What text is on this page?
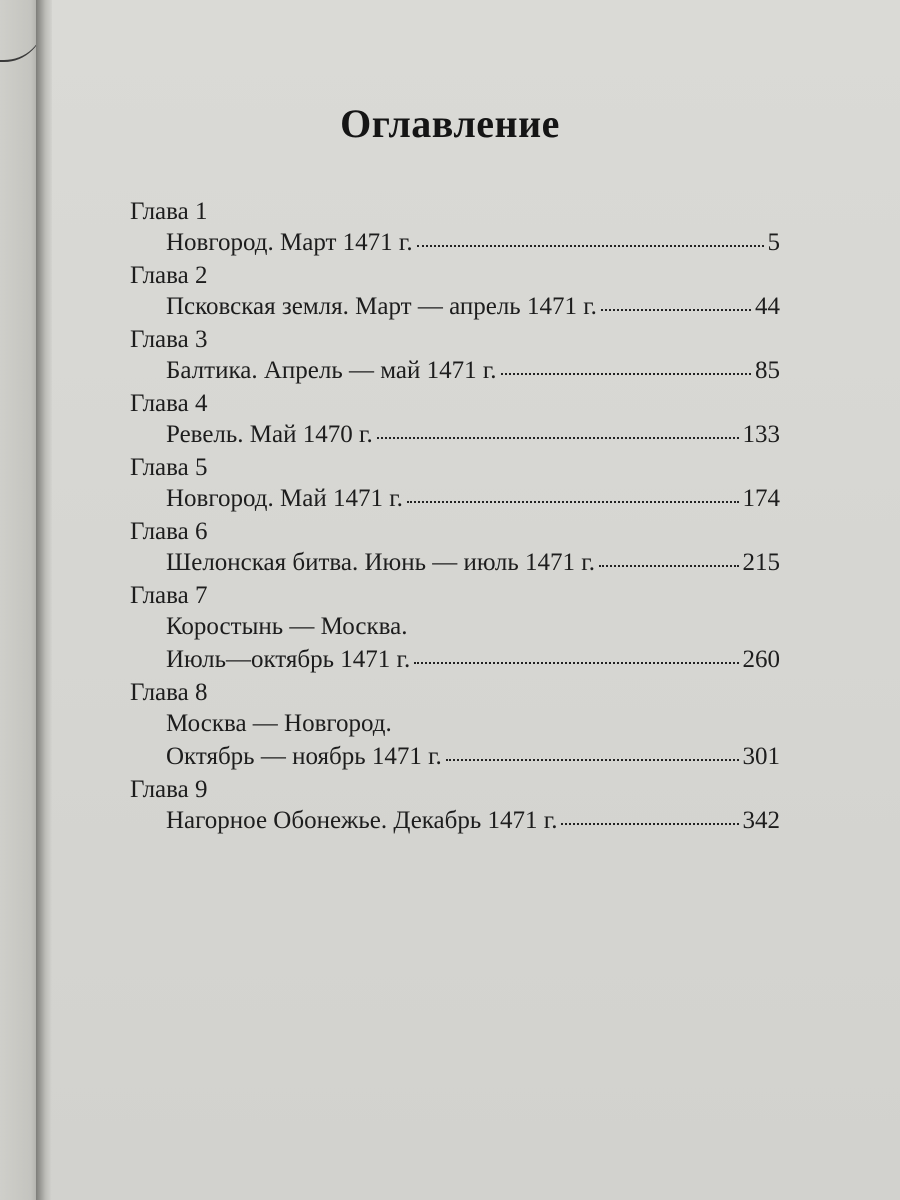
Оглавление
Глава 1
Новгород. Март 1471 г.	5
Глава 2
Псковская земля. Март — апрель 1471 г.	44
Глава 3
Балтика. Апрель — май 1471 г.	85
Глава 4
Ревель. Май 1470 г.	133
Глава 5
Новгород. Май 1471 г.	174
Глава 6
Шелонская битва. Июнь — июль 1471 г.	215
Глава 7
Коростынь — Москва.
Июль—октябрь 1471 г.	260
Глава 8
Москва — Новгород.
Октябрь — ноябрь 1471 г.	301
Глава 9
Нагорное Обонежье. Декабрь 1471 г.	342
